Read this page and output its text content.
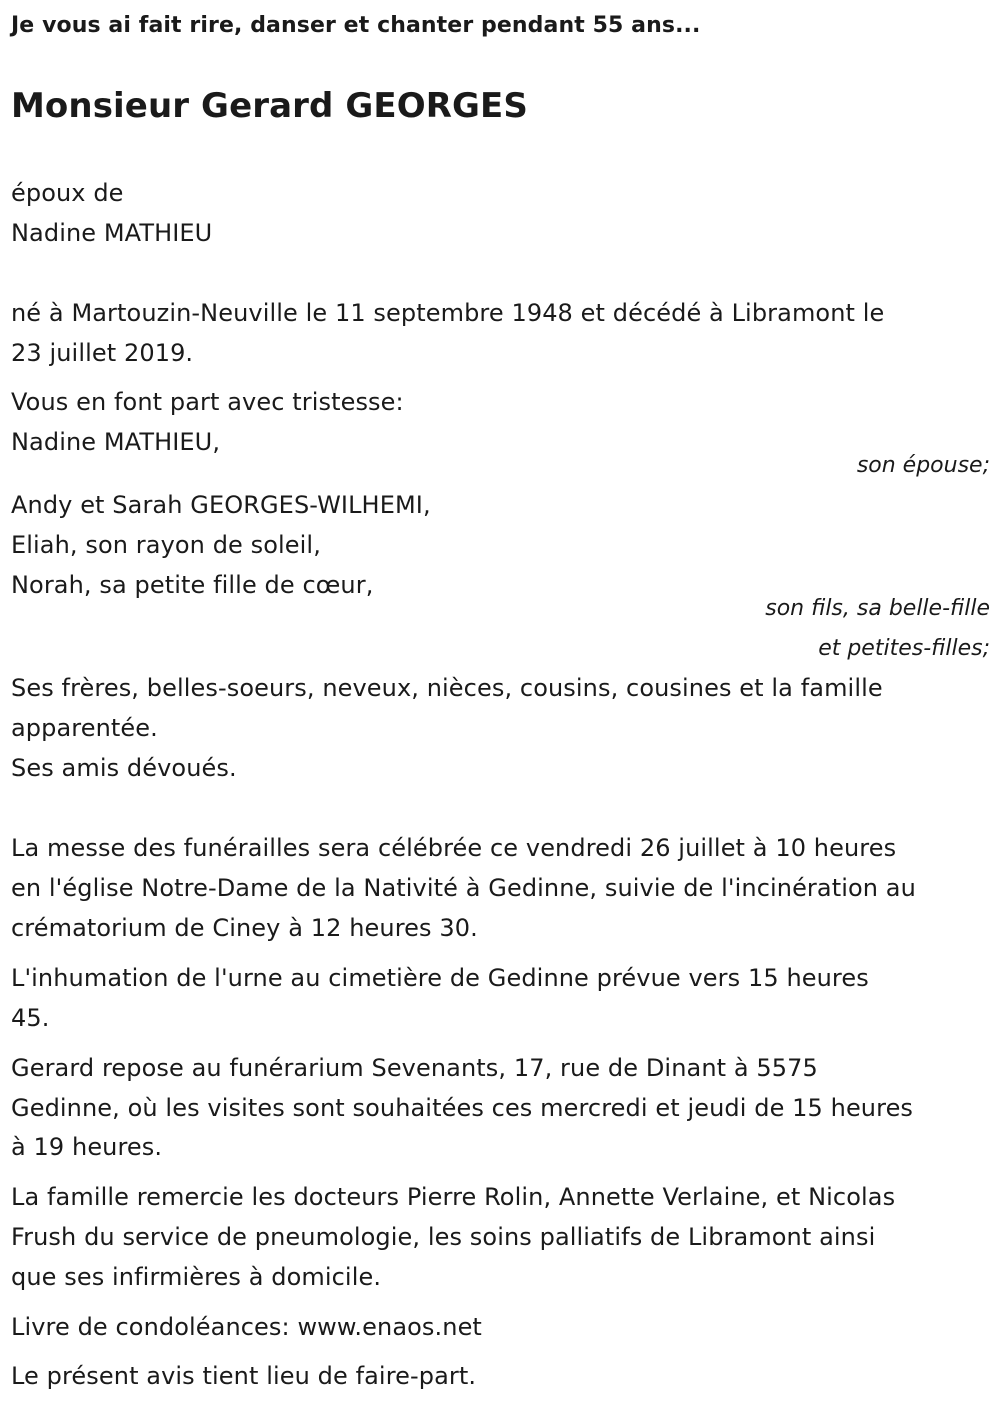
Je vous ai fait rire, danser et chanter pendant 55 ans...
Monsieur Gerard GEORGES
époux de
Nadine MATHIEU
né à Martouzin-Neuville le 11 septembre 1948 et décédé à Libramont le
23 juillet 2019.
Vous en font part avec tristesse:
Nadine MATHIEU,
son épouse;
Andy et Sarah GEORGES-WILHEMI,
Eliah, son rayon de soleil,
Norah, sa petite fille de cœur,
son fils, sa belle-fille
et petites-filles;
Ses frères, belles-soeurs, neveux, nièces, cousins, cousines et la famille
apparentée.
Ses amis dévoués.
La messe des funérailles sera célébrée ce vendredi 26 juillet à 10 heures
en l'église Notre-Dame de la Nativité à Gedinne, suivie de l'incinération au
crématorium de Ciney à 12 heures 30.
L'inhumation de l'urne au cimetière de Gedinne prévue vers 15 heures
45.
Gerard repose au funérarium Sevenants, 17, rue de Dinant à 5575
Gedinne, où les visites sont souhaitées ces mercredi et jeudi de 15 heures
à 19 heures.
La famille remercie les docteurs Pierre Rolin, Annette Verlaine, et Nicolas
Frush du service de pneumologie, les soins palliatifs de Libramont ainsi
que ses infirmières à domicile.
Livre de condoléances: www.enaos.net
Le présent avis tient lieu de faire-part.
